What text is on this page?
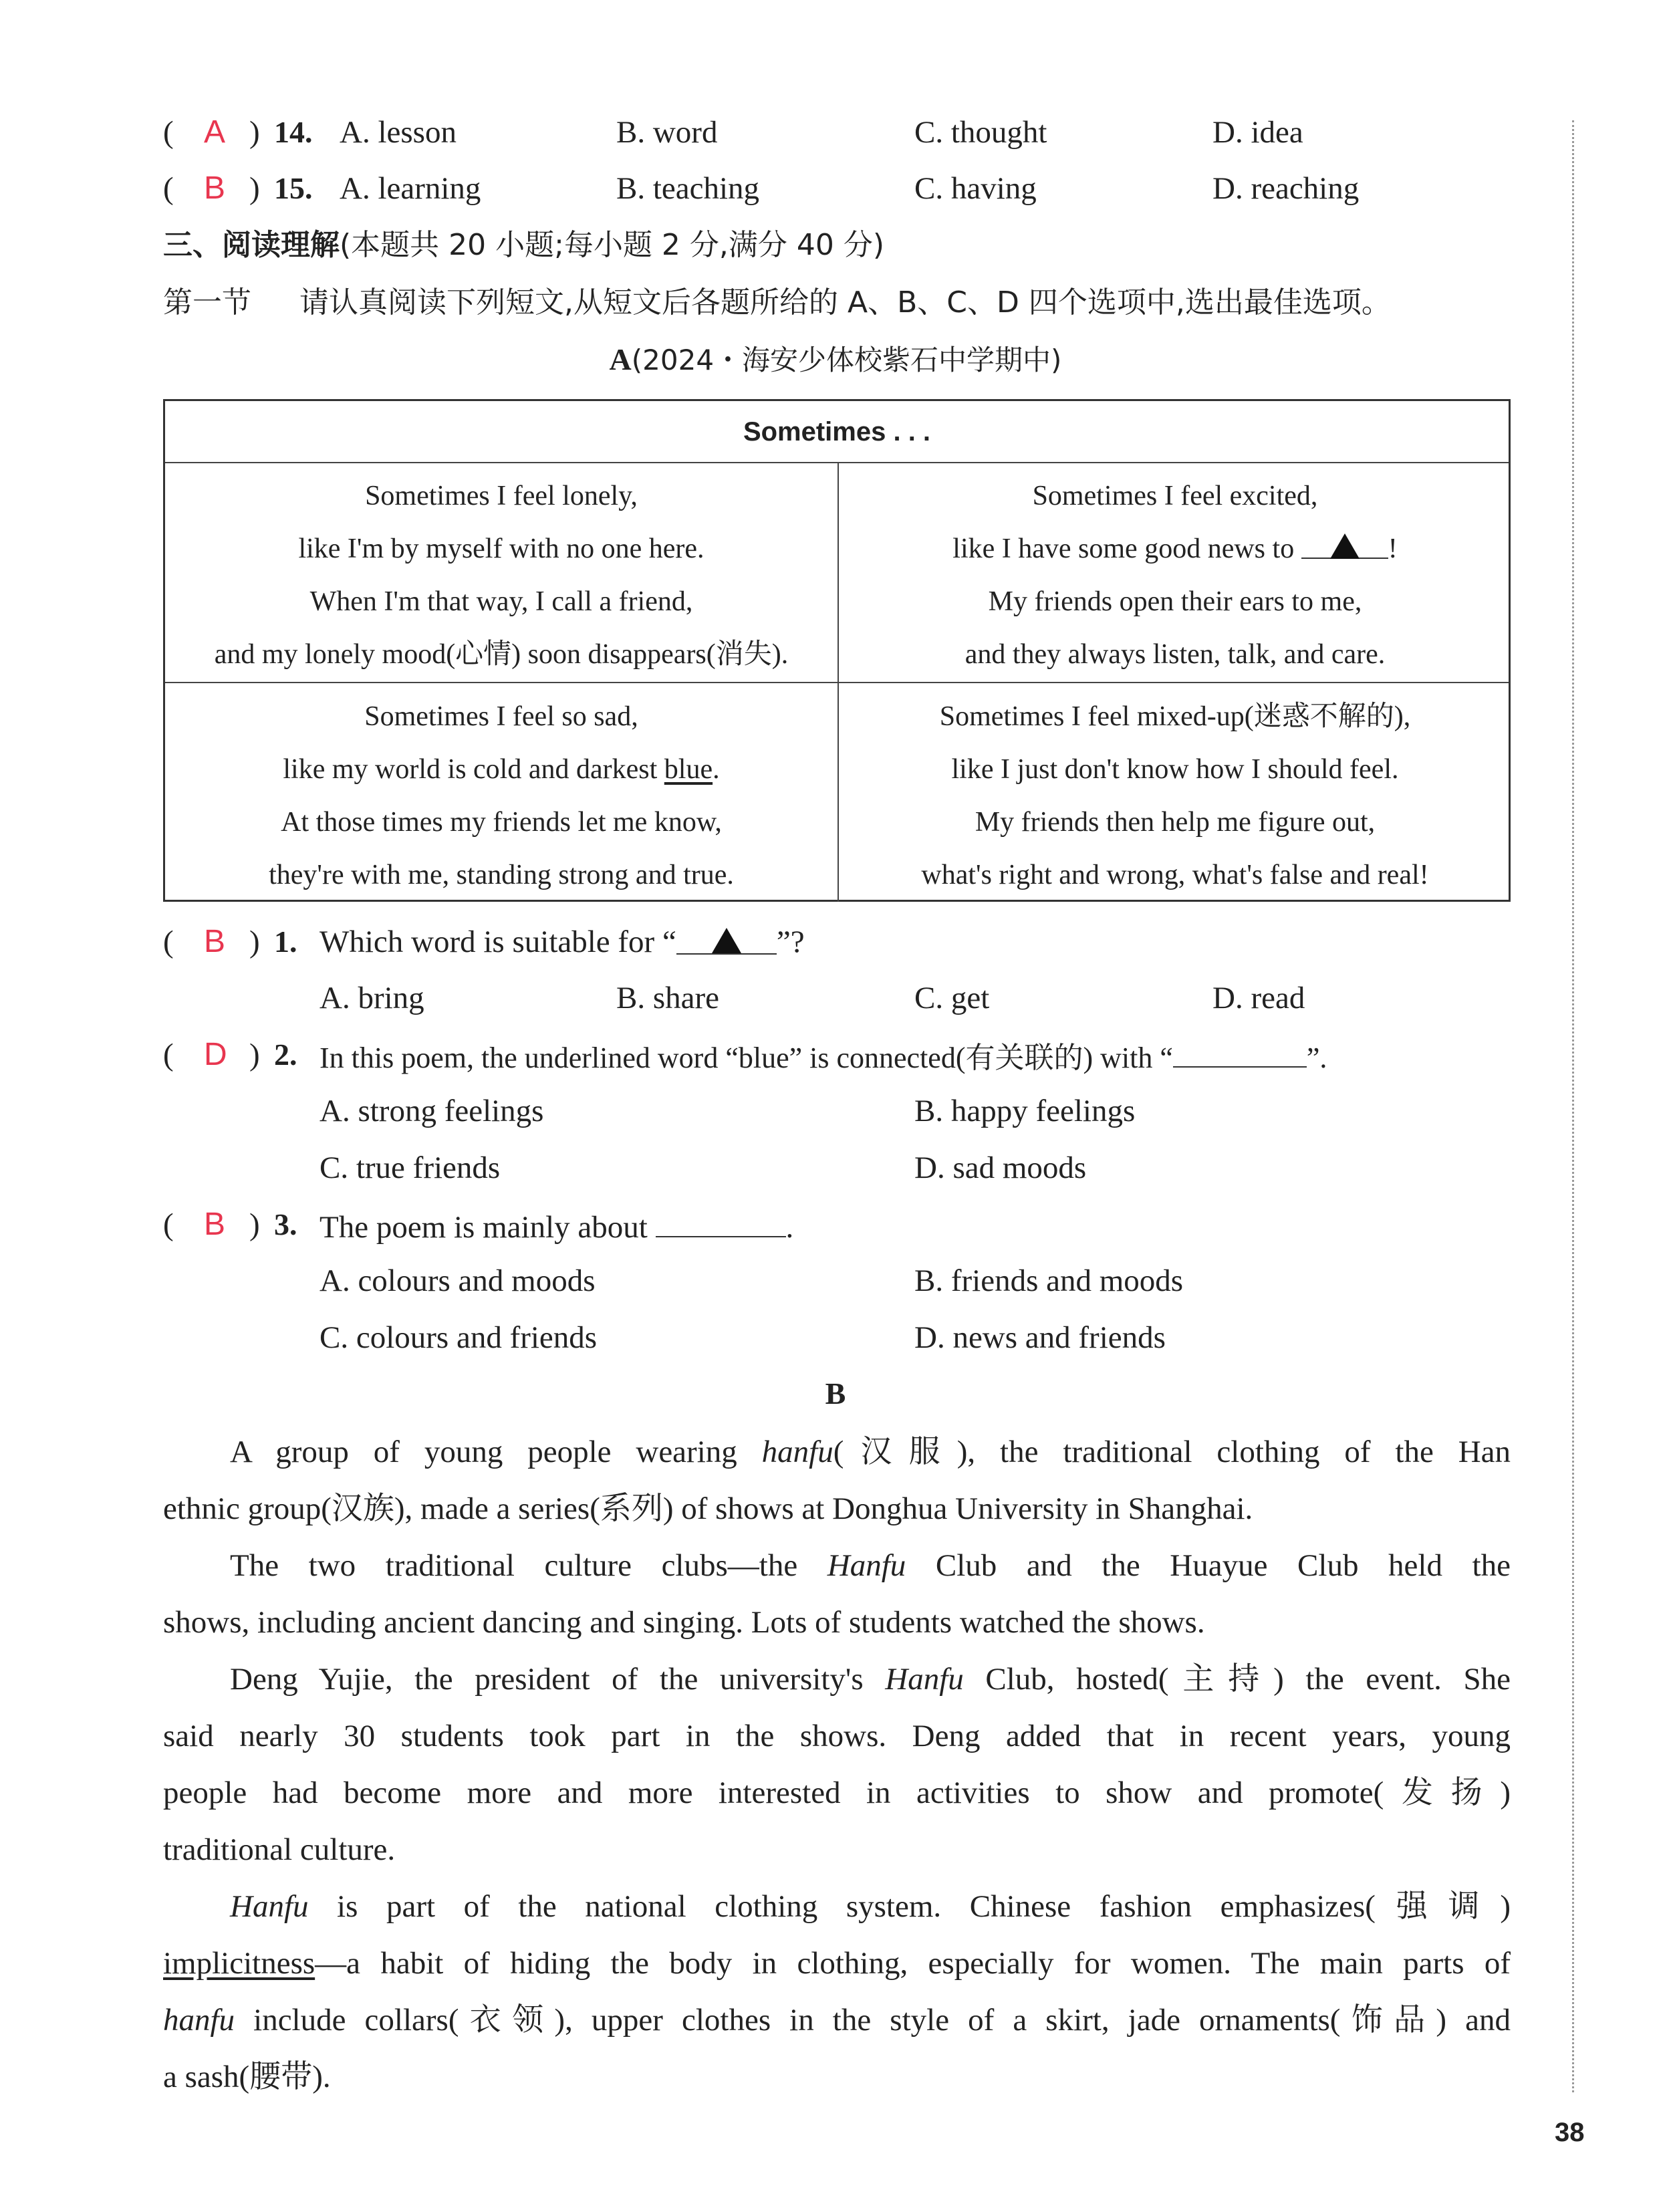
( A ) 14. A. lesson	B. word	C. thought	D. idea
( B ) 15. A. learning	B. teaching	C. having	D. reaching
三、阅读理解(本题共 20 小题;每小题 2 分,满分 40 分)
第一节 请认真阅读下列短文,从短文后各题所给的 A、B、C、D 四个选项中,选出最佳选项。
A(2024・海安少体校紫石中学期中)
Sometimes . . .
Sometimes I feel lonely,
like I'm by myself with no one here.
When I'm that way, I call a friend,
and my lonely mood(心情) soon disappears(消失).
Sometimes I feel excited,
like I have some good news to	!
My friends open their ears to me,
and they always listen, talk, and care.
Sometimes I feel so sad,
like my world is cold and darkest blue.
At those times my friends let me know,
they're with me, standing strong and true.
Sometimes I feel mixed-up(迷惑不解的),
like I just don't know how I should feel.
My friends then help me figure out,
what's right and wrong, what's false and real!
( B ) 1. Which word is suitable for “	”?
A. bring	B. share	C. get	D. read
( D ) 2. In this poem, the underlined word “blue” is connected(有关联的) with “	”.
A. strong feelings	B. happy feelings
C. true friends	D. sad moods
( B ) 3. The poem is mainly about	.
A. colours and moods	B. friends and moods
C. colours and friends	D. news and friends
B
A group of young people wearing hanfu(汉服), the traditional clothing of the Han
ethnic group(汉族), made a series(系列) of shows at Donghua University in Shanghai.
The two traditional culture clubs—the Hanfu Club and the Huayue Club held the
shows, including ancient dancing and singing. Lots of students watched the shows.
Deng Yujie, the president of the university's Hanfu Club, hosted(主持) the event. She
said nearly 30 students took part in the shows. Deng added that in recent years, young
people had become more and more interested in activities to show and promote(发扬)
traditional culture.
Hanfu is part of the national clothing system. Chinese fashion emphasizes(强调)
implicitness—a habit of hiding the body in clothing, especially for women. The main parts of
hanfu include collars(衣领), upper clothes in the style of a skirt, jade ornaments(饰品) and
a sash(腰带).
38
